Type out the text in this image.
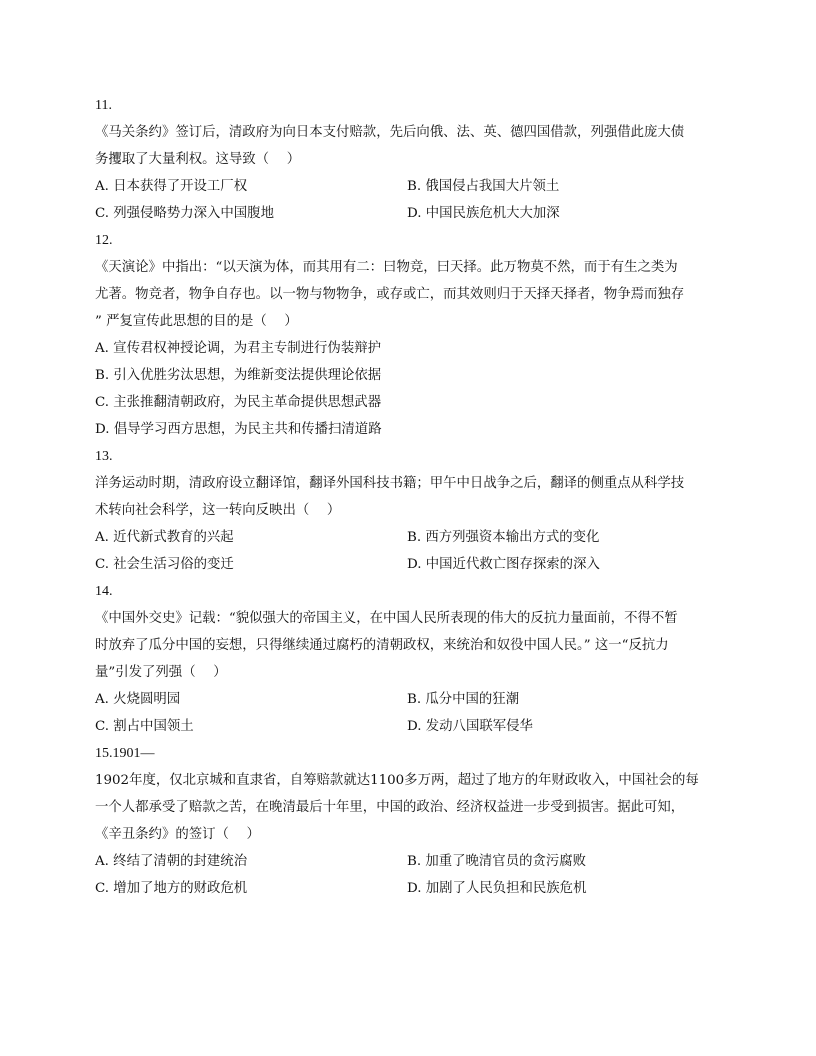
11.
《马关条约》签订后，清政府为向日本支付赔款，先后向俄、法、英、德四国借款，列强借此庞大债
务攫取了大量利权。这导致（　 ）
A. 日本获得了开设工厂权	B. 俄国侵占我国大片领土
C. 列强侵略势力深入中国腹地	D. 中国民族危机大大加深
12.
《天演论》中指出：“以天演为体，而其用有二：曰物竞，曰天择。此万物莫不然，而于有生之类为
尤著。物竞者，物争自存也。以一物与物物争，或存或亡，而其效则归于天择天择者，物争焉而独存
” 严复宣传此思想的目的是（　 ）
A. 宣传君权神授论调，为君主专制进行伪装辩护
B. 引入优胜劣汰思想，为维新变法提供理论依据
C. 主张推翻清朝政府，为民主革命提供思想武器
D. 倡导学习西方思想，为民主共和传播扫清道路
13.
洋务运动时期，清政府设立翻译馆，翻译外国科技书籍；甲午中日战争之后，翻译的侧重点从科学技
术转向社会科学，这一转向反映出（　 ）
A. 近代新式教育的兴起	B. 西方列强资本输出方式的变化
C. 社会生活习俗的变迁	D. 中国近代救亡图存探索的深入
14.
《中国外交史》记载：“貌似强大的帝国主义，在中国人民所表现的伟大的反抗力量面前，不得不暂
时放弃了瓜分中国的妄想，只得继续通过腐朽的清朝政权，来统治和奴役中国人民。” 这一“反抗力
量”引发了列强（　 ）
A. 火烧圆明园	B. 瓜分中国的狂潮
C. 割占中国领土	D. 发动八国联军侵华
15.1901—
1902年度，仅北京城和直隶省，自筹赔款就达1100多万两，超过了地方的年财政收入，中国社会的每
一个人都承受了赔款之苦，在晚清最后十年里，中国的政治、经济权益进一步受到损害。据此可知，
《辛丑条约》的签订（　 ）
A. 终结了清朝的封建统治	B. 加重了晚清官员的贪污腐败
C. 增加了地方的财政危机	D. 加剧了人民负担和民族危机
